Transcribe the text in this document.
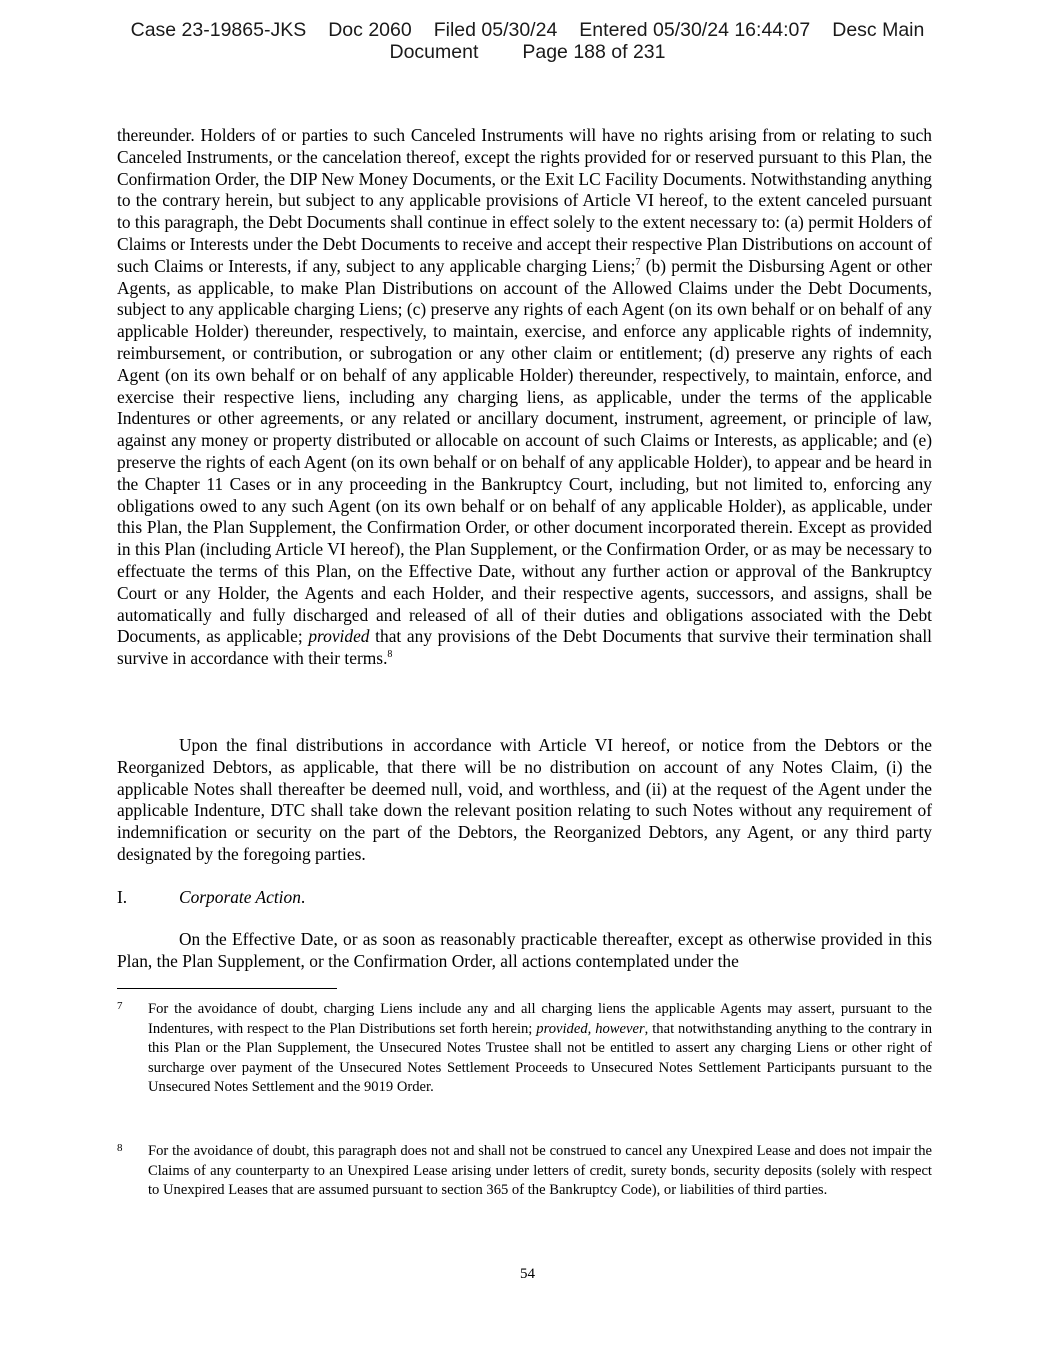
Case 23-19865-JKS Doc 2060 Filed 05/30/24 Entered 05/30/24 16:44:07 Desc Main
Document Page 188 of 231

thereunder. Holders of or parties to such Canceled Instruments will have no rights arising from or relating to such Canceled Instruments, or the cancelation thereof, except the rights provided for or reserved pursuant to this Plan, the Confirmation Order, the DIP New Money Documents, or the Exit LC Facility Documents. Notwithstanding anything to the contrary herein, but subject to any applicable provisions of Article VI hereof, to the extent canceled pursuant to this paragraph, the Debt Documents shall continue in effect solely to the extent necessary to: (a) permit Holders of Claims or Interests under the Debt Documents to receive and accept their respective Plan Distributions on account of such Claims or Interests, if any, subject to any applicable charging Liens;$^7$ (b) permit the Disbursing Agent or other Agents, as applicable, to make Plan Distributions on account of the Allowed Claims under the Debt Documents, subject to any applicable charging Liens; (c) preserve any rights of each Agent (on its own behalf or on behalf of any applicable Holder) thereunder, respectively, to maintain, exercise, and enforce any applicable rights of indemnity, reimbursement, or contribution, or subrogation or any other claim or entitlement; (d) preserve any rights of each Agent (on its own behalf or on behalf of any applicable Holder) thereunder, respectively, to maintain, enforce, and exercise their respective liens, including any charging liens, as applicable, under the terms of the applicable Indentures or other agreements, or any related or ancillary document, instrument, agreement, or principle of law, against any money or property distributed or allocable on account of such Claims or Interests, as applicable; and (e) preserve the rights of each Agent (on its own behalf or on behalf of any applicable Holder), to appear and be heard in the Chapter 11 Cases or in any proceeding in the Bankruptcy Court, including, but not limited to, enforcing any obligations owed to any such Agent (on its own behalf or on behalf of any applicable Holder), as applicable, under this Plan, the Plan Supplement, the Confirmation Order, or other document incorporated therein. Except as provided in this Plan (including Article VI hereof), the Plan Supplement, or the Confirmation Order, or as may be necessary to effectuate the terms of this Plan, on the Effective Date, without any further action or approval of the Bankruptcy Court or any Holder, the Agents and each Holder, and their respective agents, successors, and assigns, shall be automatically and fully discharged and released of all of their duties and obligations associated with the Debt Documents, as applicable; provided that any provisions of the Debt Documents that survive their termination shall survive in accordance with their terms.$^8$

Upon the final distributions in accordance with Article VI hereof, or notice from the Debtors or the Reorganized Debtors, as applicable, that there will be no distribution on account of any Notes Claim, (i) the applicable Notes shall thereafter be deemed null, void, and worthless, and (ii) at the request of the Agent under the applicable Indenture, DTC shall take down the relevant position relating to such Notes without any requirement of indemnification or security on the part of the Debtors, the Reorganized Debtors, any Agent, or any third party designated by the foregoing parties.

I.	Corporate Action.

On the Effective Date, or as soon as reasonably practicable thereafter, except as otherwise provided in this Plan, the Plan Supplement, or the Confirmation Order, all actions contemplated under the

7 For the avoidance of doubt, charging Liens include any and all charging liens the applicable Agents may assert, pursuant to the Indentures, with respect to the Plan Distributions set forth herein; provided, however, that notwithstanding anything to the contrary in this Plan or the Plan Supplement, the Unsecured Notes Trustee shall not be entitled to assert any charging Liens or other right of surcharge over payment of the Unsecured Notes Settlement Proceeds to Unsecured Notes Settlement Participants pursuant to the Unsecured Notes Settlement and the 9019 Order.
8 For the avoidance of doubt, this paragraph does not and shall not be construed to cancel any Unexpired Lease and does not impair the Claims of any counterparty to an Unexpired Lease arising under letters of credit, surety bonds, security deposits (solely with respect to Unexpired Leases that are assumed pursuant to section 365 of the Bankruptcy Code), or liabilities of third parties.
54
